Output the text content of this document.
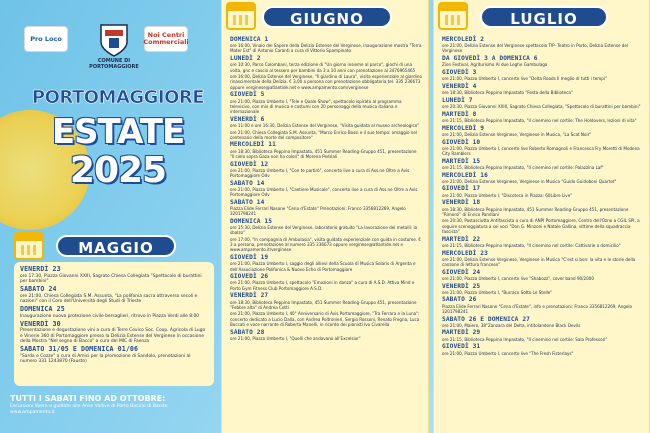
Pro Loco
COMUNE DI
PORTOMAGGIORE
Noi Centri Commerciali
PORTOMAGGIORE
ESTATE
2025
MAGGIO
VENERDÌ 23
ore 17:30, Piazza Giovanni XXIII, Sagrato Chiesa Collegiata "Spettacolo di burattini per bambini"
SABATO 24
ore 21:00, Chiesa Collegiata S.M. Assunta, "La polifonia sacra attraverso secoli e nazioni" con il Coro dell'Università degli Studi di Trieste
DOMENICA 25
Inaugurazione nuova protezione civile bersaglieri, ritrovo in Piazza Verdi alle 8:00
VENERDÌ 30
Presentazione e degustazione vini a cura di Terre Cevico Soc. Coop. Agricola di Lugo e Vinerie 360 di Portomaggiore presso la Delizia Estense del Verginese in occasione della Mostra "Nel segno di Bacco" a cura del MIC di Faenza
SABATO 31/05 E DOMENICA 01/06
"Sarda e Cozze" a cura di Amici per la promozione di Sandolo, prenotazioni al numero 331 1243870 (Fausto)
TUTTI I SABATI FINO AD OTTOBRE:
Escursioni libere e guidate alle Anse Vallive di Porto Bacino di Bando
www.ampamento.it
GIUGNO
DOMENICA 1
ore 16:00, Vinaio del Sapere della Delizia Estense del Verginese, inaugurazione mostra "Terra Mater Est" di Antonio Caranti a cura di Vittorio Spampinato
LUNEDÌ 2
ore 10:30, Parco Colombani, terza edizione di "Un giorno insieme al parco", giochi di una volta, gnc e cascio al tessero per bambini da 3 a 10 anni con prenotazione al 3476965465
ore 16:00, Delizia Estense del Verginese, "Il giardino di Laura", visita esperienziale al giardino rinascimentale della Delizia. € 3,00 a persona con prenotazione obbligatoria tel. 335 236673 oppure verginese@atlantide.net e www.ampamento.com/verginese
GIOVEDÌ 5
ore 21:00, Piazza Umberto I, "Tele e Quale Show", spettacolo ispirato al programma televisivo, con mix di musica e costumi con 20 personaggi della musica italiana e internazionale
VENERDÌ 6
ore 11:00 e ore 16:30, Delizia Estense del Verginese, "Visita guidata al museo archeologico"
ore 21:00, Chiesa Collegiata S.M. Assunta, "Marco Enrico Bossi e il suo tempo: omaggio nel centenario della morte del compositore"
MERCOLEDÌ 11
ore 18:30, Biblioteca Peppino Impastato, 451 Summer Reading-Gruppo 451, presentazione "Il cielo sopra Gaza non ha colori" di Morena Pedriali
GIOVEDÌ 12
ore 21:00, Piazza Umberto I, "Con te partirò", concerto live a cura di Ass.ne Oltre a Avis Portomaggiore Odv
SABATO 14
ore 21:00, Piazza Umberto I, "Cantiere Musicale", concerto live a cura di Ass.ne Oltre a Avis Portomaggiore Odv
SABATO 14
Piazza Elide Ferrari Nasone "Cena d'Estate" Prenotazioni: Franco 3356812269, Angelo 3201798241
DOMENICA 15
ore 15:30, Delizia Estense del Verginese, laboratorio gratuito "La lavorazione dei metalli: la sbalzo"
ore 17:00, "In compagnia di Ambulasia", visita guidata esperienziale con guida in costume. € 3 a persona, prenotazione al numero 335 236673 oppure verginese@atlantide.net e www.ampamento.it/verginese
GIOVEDÌ 19
ore 21:00, Piazza Umberto I, saggio degli allievi della Scuola di Musica Solaris di Argenta e dell'Associazione Polifonica & Nuovo Echo di Portomaggiore
GIOVEDÌ 26
ore 21:00, Piazza Umberto I, spettacolo "Emozioni in danza" a cura di A.S.D. Attiva Mind e Porto Gym Fitness Club Portomaggiore A.S.D.
VENERDÌ 27
ore 18:30, Biblioteca Peppino Impastato, 451 Summer Reading-Gruppo 451, presentazione "Febbre alta" di Andrea Cotti
ore 21:00, Piazza Umberto I, 40° Anniversario di Avis Portomaggiore, "Tra Ferrara e la Luna": concerto dedicato a Lucio Dalla, con Andrea Poltronieri, Sergio Rossoni, Renato Fregna, Luca Boccati e voce narrante di Roberta Manelli, in ricordo dei pianisti Ivo Civarella
SABATO 28
ore 21:00, Piazza Umberto I, "Quelli che andavano all'Excelsior"
LUGLIO
MERCOLEDÌ 2
ore 21:00, Delizia Estense del Verginese spettacolo TIP- Teatro in Porto, Delizia Estense del Verginese
DA GIOVEDÌ 3 A DOMENICA 6
Zion Festival, Agriturismo Al due Leghe Gambulaga
GIOVEDÌ 3
ore 21:00, Piazza Umberto I, concerto live "Delta Roads Il meglio di tutti i tempi"
VENERDÌ 4
ore 18:30, Biblioteca Peppino Impastato "Festa della Biblioteca"
LUNEDÌ 7
ore 20:30, Piazza Giovanni XXIII, Sagrato Chiesa Collegiata, "Spettacolo di burattini per bambini"
MARTEDÌ 8
ore 21:15, Biblioteca Peppino Impastato, "Il cinemino nel cortile: The Holdovers, lezioni di vita"
MERCOLEDÌ 9
ore 21:00, Delizia Estense Verginese, Verginese in Musica, "La Scat Noir"
GIOVEDÌ 10
ore 21:00, Piazza Umberto I, concerto live Roberto Romagnoli e Francesca Fry Moretti di Modena City Ramblers
MARTEDÌ 15
ore 21:15, Biblioteca Peppino Impastato, "Il cinemino nel cortile: Palazzina Laf"
MERCOLEDÌ 16
ore 21:00, Delizia Estense Verginese, Verginese in Musica "Guido Guidoboni Quartet"
GIOVEDÌ 17
ore 21:00, Piazza Umberto I, "Discoteca in Piazza: 60Libre Live"
VENERDÌ 18
ore 18:30, Biblioteca Peppino Impastato, 451 Summer Reading-Gruppo 451, presentazione "Rimorsi" di Enrico Pandiani
ore 20:30, Pastasciutta Antifascista a cura di ANPI Portomaggiore, Centro dell'Ozno a CGIL SPI, a seguire scenoggiatura a sei voci "Don G. Minzoni e Natale Gallina, vittime della squadraccia fascista"
MARTEDÌ 22
ore 21:15, Biblioteca Peppino Impastato, "Il cinemino nel cortile: Cattivarie a domicilio"
MERCOLEDÌ 23
ore 21:00, Delizia Estense Verginese, Verginese in Musica "C'est si bon: la vita e le storie della canzone di lettura francese"
GIOVEDÌ 24
ore 21:00, Piazza Umberto I, concerto live "Shabozz", cover band 90/2000
VENERDÌ 25
ore 21:00, Piazza Umberto I, "Burraco Sotto Le Stelle"
SABATO 26
Piazza Elide Ferrari Nasone "Cena d'Estate", info e prenotazioni: Franco 3356812269, Angelo 3201798241
SABATO 26 E DOMENICA 27
ore 21:00, Maiero, 38°Zanzara del Delta, intitolandone Black Devils
MARTEDÌ 29
ore 21:15, Biblioteca Peppino Impastato, "Il cinemino nel cortile: Sala Professori"
GIOVEDÌ 31
ore 21:00, Piazza Umberto I, concerto live "The Fresh Fisterlays"
